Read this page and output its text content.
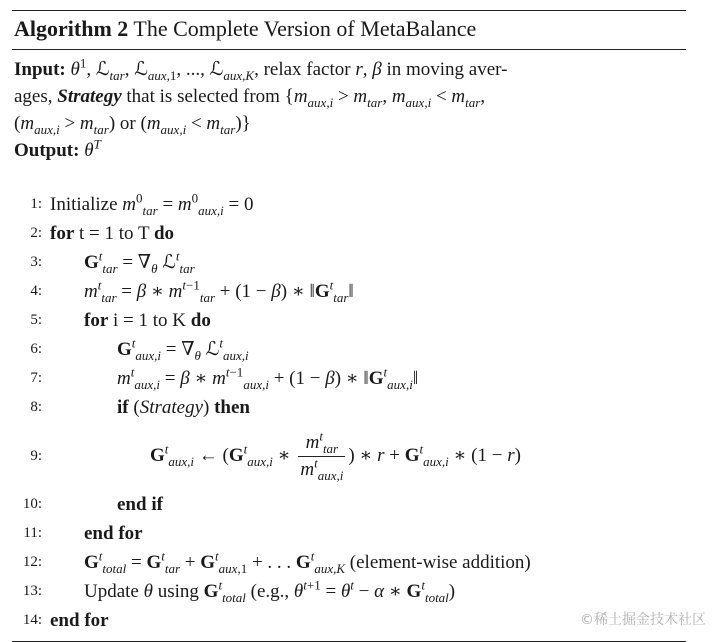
Algorithm 2 The Complete Version of MetaBalance
Input: $\theta^1$, ℒ$_{tar}$, ℒ$_{aux,1}$, ..., ℒ$_{aux,K}$, relax factor r, β in moving aver-
ages, Strategy that is selected from {$m_{aux,i} > m_{tar}$, $m_{aux,i} < m_{tar}$,
$(m_{aux,i} > m_{tar})$ or $(m_{aux,i} < m_{tar})$}
Output: $\theta^T$
1: Initialize $m^0_{tar} = m^0_{aux,i} = 0$
2: for t = 1 to T do
3: $G^t_{tar} = \nabla_\theta$ ℒ$^t_{tar}$
4: $m^t_{tar} = \beta$ ∗ $m^{t-1}_{tar} + (1 - \beta)$ ∗ $‖G^t_{tar}‖$
5: for i = 1 to K do
6:	$G^t_{aux,i} = \nabla_\theta$ ℒ$^t_{aux,i}$
7:	$m^t_{aux,i} = \beta$ ∗ $m^{t-1}_{aux,i} + (1 - \beta)$ ∗ $‖G^t_{aux,i}‖$
8:	if (Strategy) then
9:	$G^t_{aux,i}$ ← ($G^t_{aux,i}$ ∗ $\frac{m^t_{tar}}{m^t_{aux,i}}$ ) ∗ $r + G^t_{aux,i}$ ∗ (1 − r)
10:	end if
11: end for
12: $G^t_{total} = G^t_{tar} + G^t_{aux,1}$ + . . . $G^t_{aux,K}$ (element-wise addition)
13: Update θ using $G^t_{total}$ (e.g., $\theta^{t+1} = \theta^t - \alpha$ ∗ $G^t_{total}$)
14: end for	©稀土掘金技术社区
